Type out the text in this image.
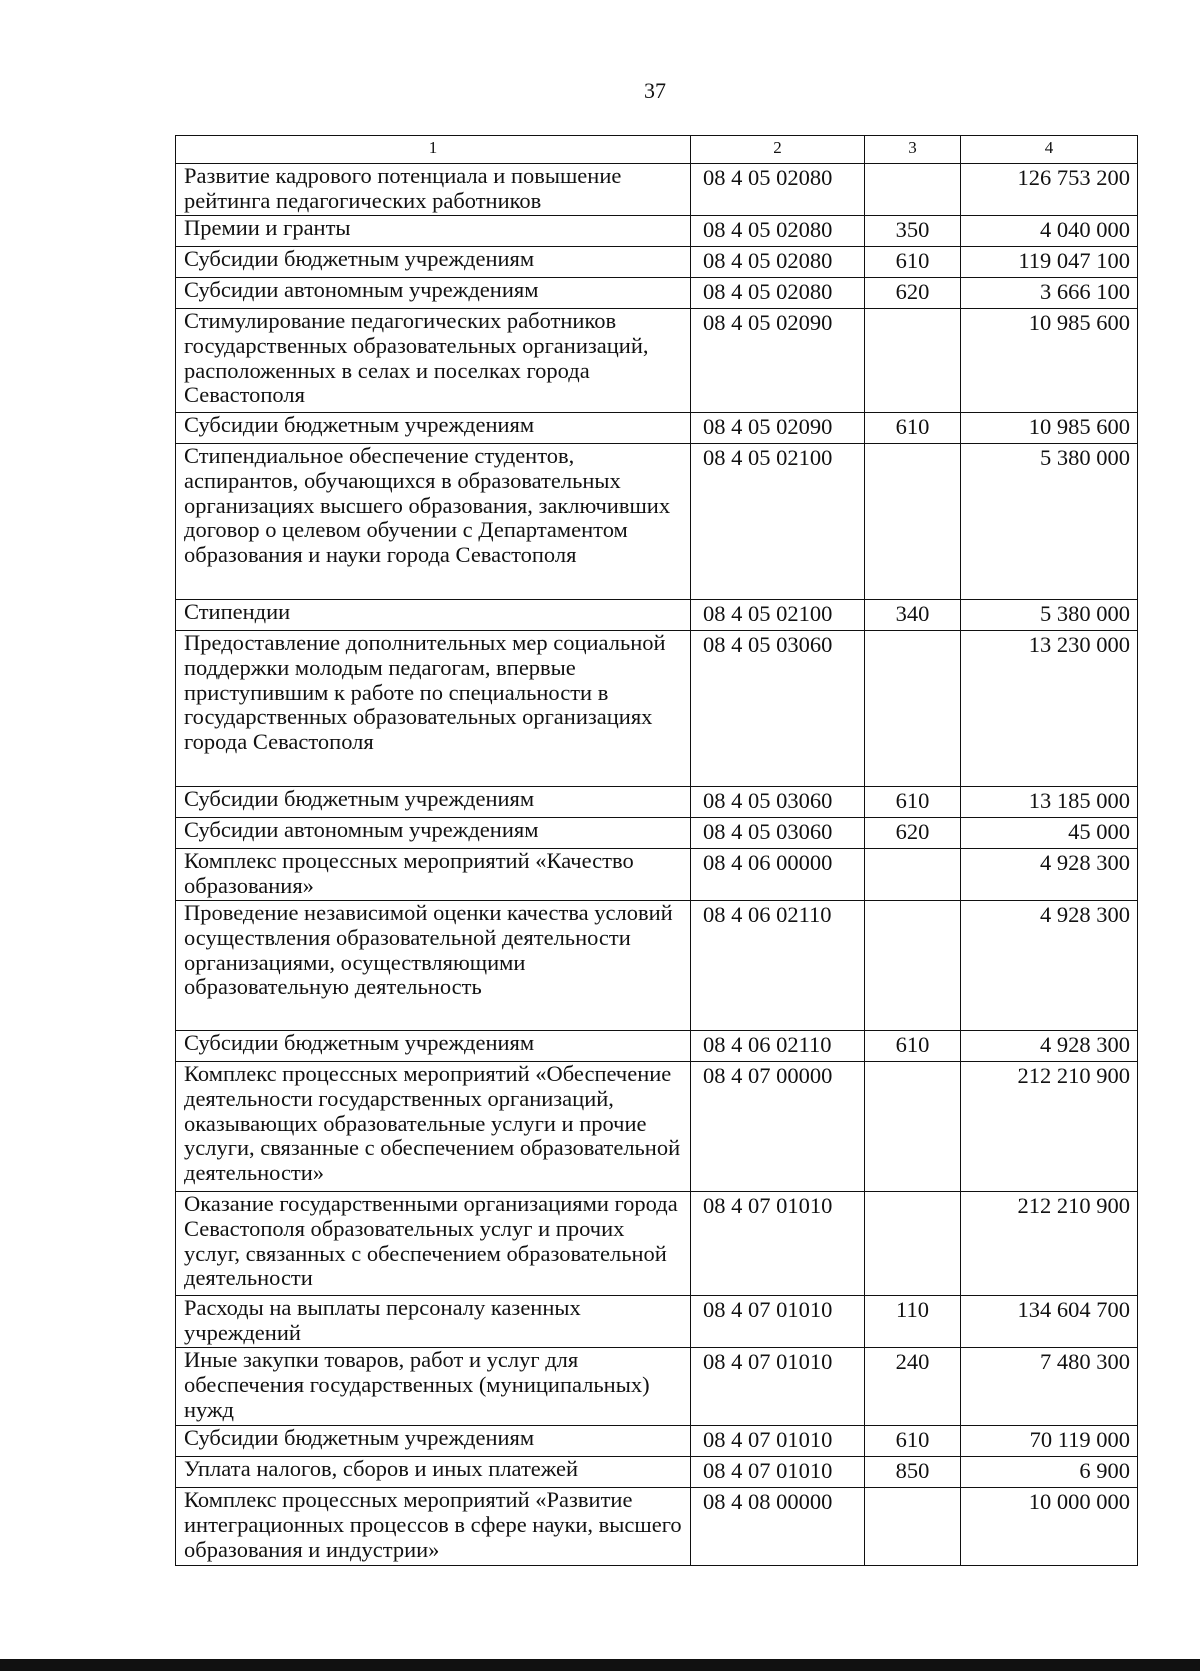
37
1	2	3	4
Развитие кадрового потенциала и повышение рейтинга педагогических работников	08 4 05 02080		126 753 200
Премии и гранты	08 4 05 02080	350	4 040 000
Субсидии бюджетным учреждениям	08 4 05 02080	610	119 047 100
Субсидии автономным учреждениям	08 4 05 02080	620	3 666 100
Стимулирование педагогических работников государственных образовательных организаций, расположенных в селах и поселках города Севастополя	08 4 05 02090		10 985 600
Субсидии бюджетным учреждениям	08 4 05 02090	610	10 985 600
Стипендиальное обеспечение студентов, аспирантов, обучающихся в образовательных организациях высшего образования, заключивших договор о целевом обучении с Департаментом образования и науки города Севастополя	08 4 05 02100		5 380 000
Стипендии	08 4 05 02100	340	5 380 000
Предоставление дополнительных мер социальной поддержки молодым педагогам, впервые приступившим к работе по специальности в государственных образовательных организациях города Севастополя	08 4 05 03060		13 230 000
Субсидии бюджетным учреждениям	08 4 05 03060	610	13 185 000
Субсидии автономным учреждениям	08 4 05 03060	620	45 000
Комплекс процессных мероприятий «Качество образования»	08 4 06 00000		4 928 300
Проведение независимой оценки качества условий осуществления образовательной деятельности организациями, осуществляющими образовательную деятельность	08 4 06 02110		4 928 300
Субсидии бюджетным учреждениям	08 4 06 02110	610	4 928 300
Комплекс процессных мероприятий «Обеспечение деятельности государственных организаций, оказывающих образовательные услуги и прочие услуги, связанные с обеспечением образовательной деятельности»	08 4 07 00000		212 210 900
Оказание государственными организациями города Севастополя образовательных услуг и прочих услуг, связанных с обеспечением образовательной деятельности	08 4 07 01010		212 210 900
Расходы на выплаты персоналу казенных учреждений	08 4 07 01010	110	134 604 700
Иные закупки товаров, работ и услуг для обеспечения государственных (муниципальных) нужд	08 4 07 01010	240	7 480 300
Субсидии бюджетным учреждениям	08 4 07 01010	610	70 119 000
Уплата налогов, сборов и иных платежей	08 4 07 01010	850	6 900
Комплекс процессных мероприятий «Развитие интеграционных процессов в сфере науки, высшего образования и индустрии»	08 4 08 00000		10 000 000
